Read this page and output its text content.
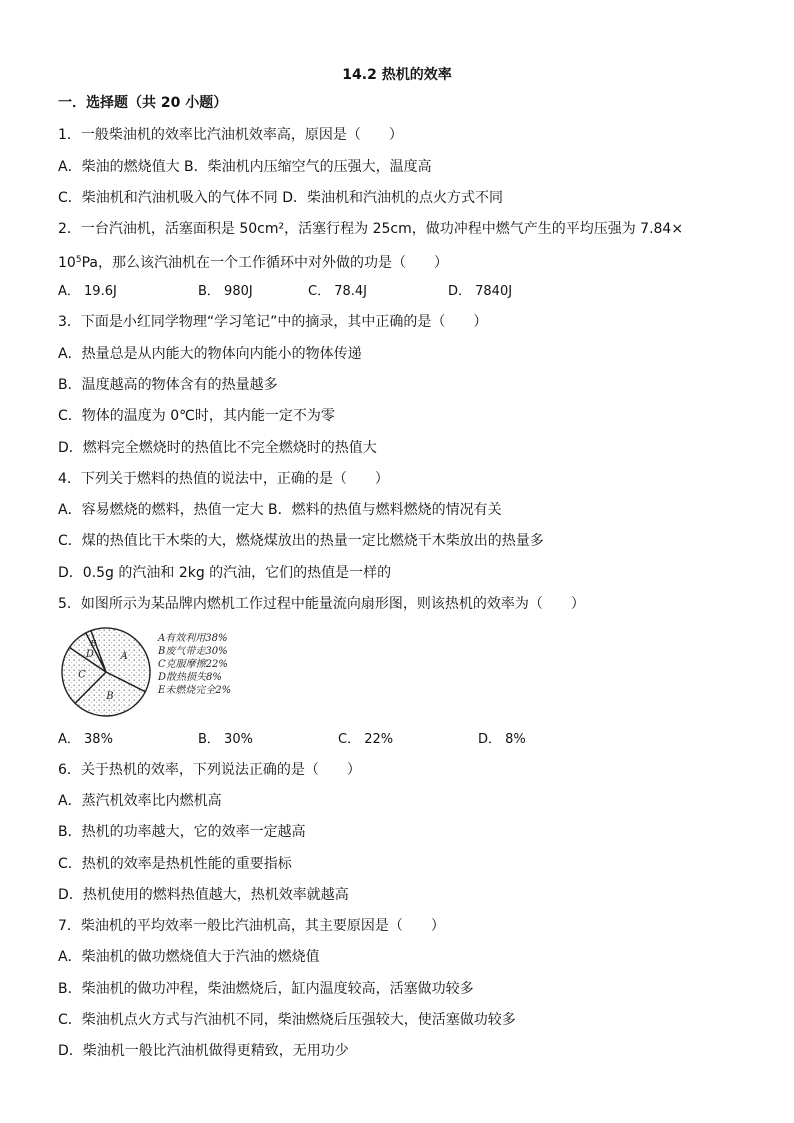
14.2 热机的效率
一．选择题（共 20 小题）
1．一般柴油机的效率比汽油机效率高，原因是（　　）
A．柴油的燃烧值大 B．柴油机内压缩空气的压强大，温度高
C．柴油机和汽油机吸入的气体不同 D．柴油机和汽油机的点火方式不同
2．一台汽油机，活塞面积是 50cm²，活塞行程为 25cm，做功冲程中燃气产生的平均压强为 7.84×
$10^5Pa$，那么该汽油机在一个工作循环中对外做的功是（　　）
A． 19.6J	B． 980J	C． 78.4J	D． 7840J
3．下面是小红同学物理“学习笔记”中的摘录，其中正确的是（　　）
A．热量总是从内能大的物体向内能小的物体传递
B．温度越高的物体含有的热量越多
C．物体的温度为 0℃时，其内能一定不为零
D．燃料完全燃烧时的热值比不完全燃烧时的热值大
4．下列关于燃料的热值的说法中，正确的是（　　）
A．容易燃烧的燃料，热值一定大 B．燃料的热值与燃料燃烧的情况有关
C．煤的热值比干木柴的大，燃烧煤放出的热量一定比燃烧干木柴放出的热量多
D．0.5g 的汽油和 2kg 的汽油，它们的热值是一样的
5．如图所示为某品牌内燃机工作过程中能量流向扇形图，则该热机的效率为（　　）
A
B
C
D
E	A有效利用38%
B废气带走30%
C克服摩擦22%
D散热损失8%
E未燃烧完全2%
A． 38%	B． 30%	C． 22%	D． 8%
6．关于热机的效率，下列说法正确的是（　　）
A．蒸汽机效率比内燃机高
B．热机的功率越大，它的效率一定越高
C．热机的效率是热机性能的重要指标
D．热机使用的燃料热值越大，热机效率就越高
7．柴油机的平均效率一般比汽油机高，其主要原因是（　　）
A．柴油机的做功燃烧值大于汽油的燃烧值
B．柴油机的做功冲程，柴油燃烧后，缸内温度较高，活塞做功较多
C．柴油机点火方式与汽油机不同，柴油燃烧后压强较大，使活塞做功较多
D．柴油机一般比汽油机做得更精致，无用功少
